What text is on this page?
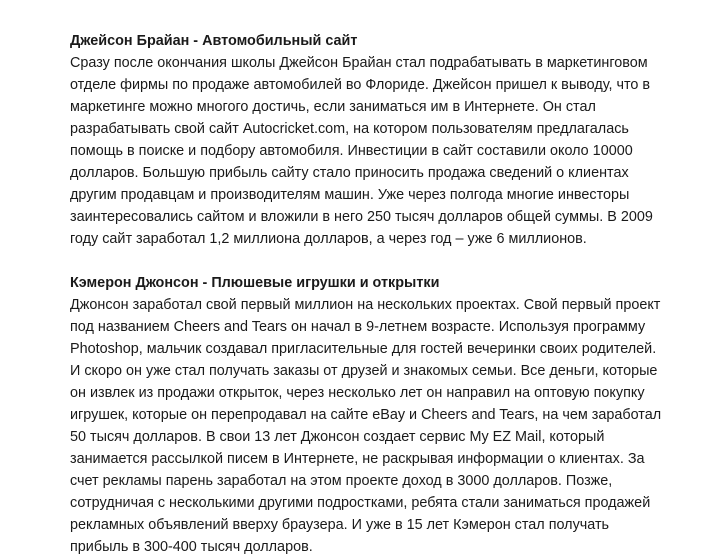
Джейсон Брайан - Автомобильный сайт

Сразу после окончания школы Джейсон Брайан стал подрабатывать в маркетинговом
отделе фирмы по продаже автомобилей во Флориде. Джейсон пришел к выводу, что в
маркетинге можно многого достичь, если заниматься им в Интернете. Он стал
разрабатывать свой сайт Autocricket.com, на котором пользователям предлагалась
помощь в поиске и подбору автомобиля. Инвестиции в сайт составили около 10000
долларов. Большую прибыль сайту стало приносить продажа сведений о клиентах
другим продавцам и производителям машин. Уже через полгода многие инвесторы
заинтересовались сайтом и вложили в него 250 тысяч долларов общей суммы. В 2009
году сайт заработал 1,2 миллиона долларов, а через год – уже 6 миллионов.

Кэмерон Джонсон - Плюшевые игрушки и открытки

Джонсон заработал свой первый миллион на нескольких проектах. Свой первый проект
под названием Cheers and Tears он начал в 9-летнем возрасте. Используя программу
Photoshop, мальчик создавал пригласительные для гостей вечеринки своих родителей.
И скоро он уже стал получать заказы от друзей и знакомых семьи. Все деньги, которые
он извлек из продажи открыток, через несколько лет он направил на оптовую покупку
игрушек, которые он перепродавал на сайте eBay и Cheers and Tears, на чем заработал
50 тысяч долларов. В свои 13 лет Джонсон создает сервис My EZ Mail, который
занимается рассылкой писем в Интернете, не раскрывая информации о клиентах. За
счет рекламы парень заработал на этом проекте доход в 3000 долларов. Позже,
сотрудничая с несколькими другими подростками, ребята стали заниматься продажей
рекламных объявлений вверху браузера. И уже в 15 лет Кэмерон стал получать
прибыль в 300-400 тысяч долларов.
